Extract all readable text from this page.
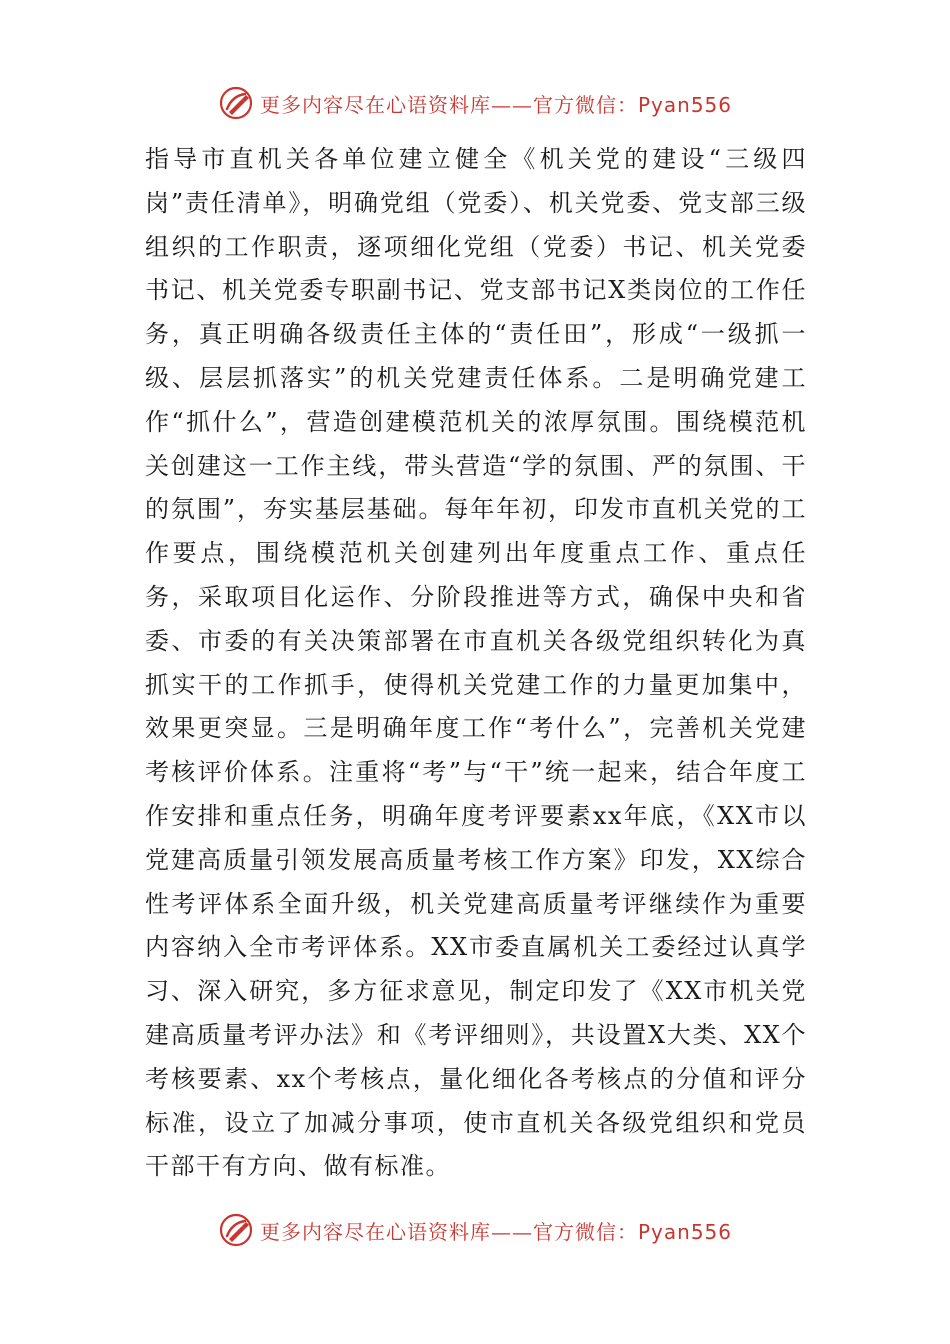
更多内容尽在心语资料库——官方微信：Pyan556

指导市直机关各单位建立健全《机关党的建设“三级四岗”责任清单》，明确党组（党委）、机关党委、党支部三级组织的工作职责，逐项细化党组（党委）书记、机关党委书记、机关党委专职副书记、党支部书记X类岗位的工作任务，真正明确各级责任主体的“责任田”，形成“一级抓一级、层层抓落实”的机关党建责任体系。二是明确党建工作“抓什么”，营造创建模范机关的浓厚氛围。围绕模范机关创建这一工作主线，带头营造“学的氛围、严的氛围、干的氛围”，夯实基层基础。每年年初，印发市直机关党的工作要点，围绕模范机关创建列出年度重点工作、重点任务，采取项目化运作、分阶段推进等方式，确保中央和省委、市委的有关决策部署在市直机关各级党组织转化为真抓实干的工作抓手，使得机关党建工作的力量更加集中，效果更突显。三是明确年度工作“考什么”，完善机关党建考核评价体系。注重将“考”与“干”统一起来，结合年度工作安排和重点任务，明确年度考评要素xx年底，《XX市以党建高质量引领发展高质量考核工作方案》印发，XX综合性考评体系全面升级，机关党建高质量考评继续作为重要内容纳入全市考评体系。XX市委直属机关工委经过认真学习、深入研究，多方征求意见，制定印发了《XX市机关党建高质量考评办法》和《考评细则》，共设置X大类、XX个考核要素、xx个考核点，量化细化各考核点的分值和评分标准，设立了加减分事项，使市直机关各级党组织和党员干部干有方向、做有标准。

更多内容尽在心语资料库——官方微信：Pyan556
